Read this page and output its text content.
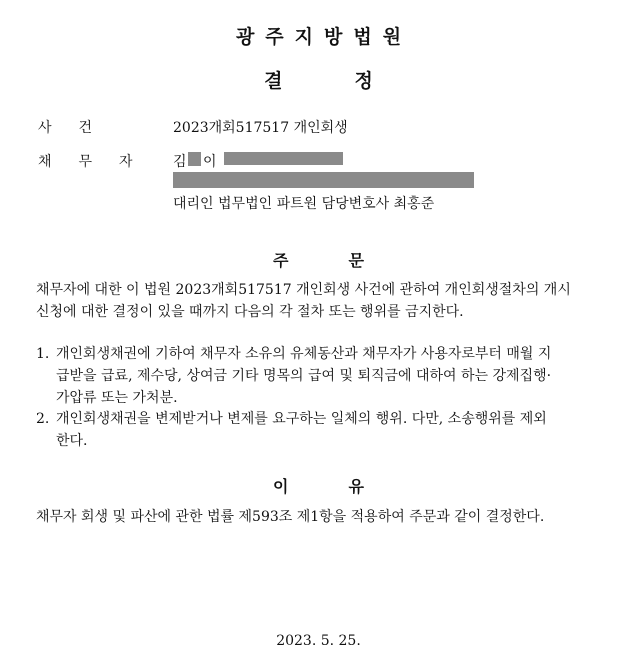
광주지방법원
결정
사건	2023개회517517 개인회생
채무자 김 이
대리인 법무법인 파트원 담당변호사 최홍준
주문
채무자에 대한 이 법원 2023개회517517 개인회생 사건에 관하여 개인회생절차의 개시
신청에 대한 결정이 있을 때까지 다음의 각 절차 또는 행위를 금지한다.
1. 개인회생채권에 기하여 채무자 소유의 유체동산과 채무자가 사용자로부터 매월 지
급받을 급료, 제수당, 상여금 기타 명목의 급여 및 퇴직금에 대하여 하는 강제집행·
가압류 또는 가처분.
2. 개인회생채권을 변제받거나 변제를 요구하는 일체의 행위. 다만, 소송행위를 제외
한다.
이유
채무자 회생 및 파산에 관한 법률 제593조 제1항을 적용하여 주문과 같이 결정한다.
2023. 5. 25.
